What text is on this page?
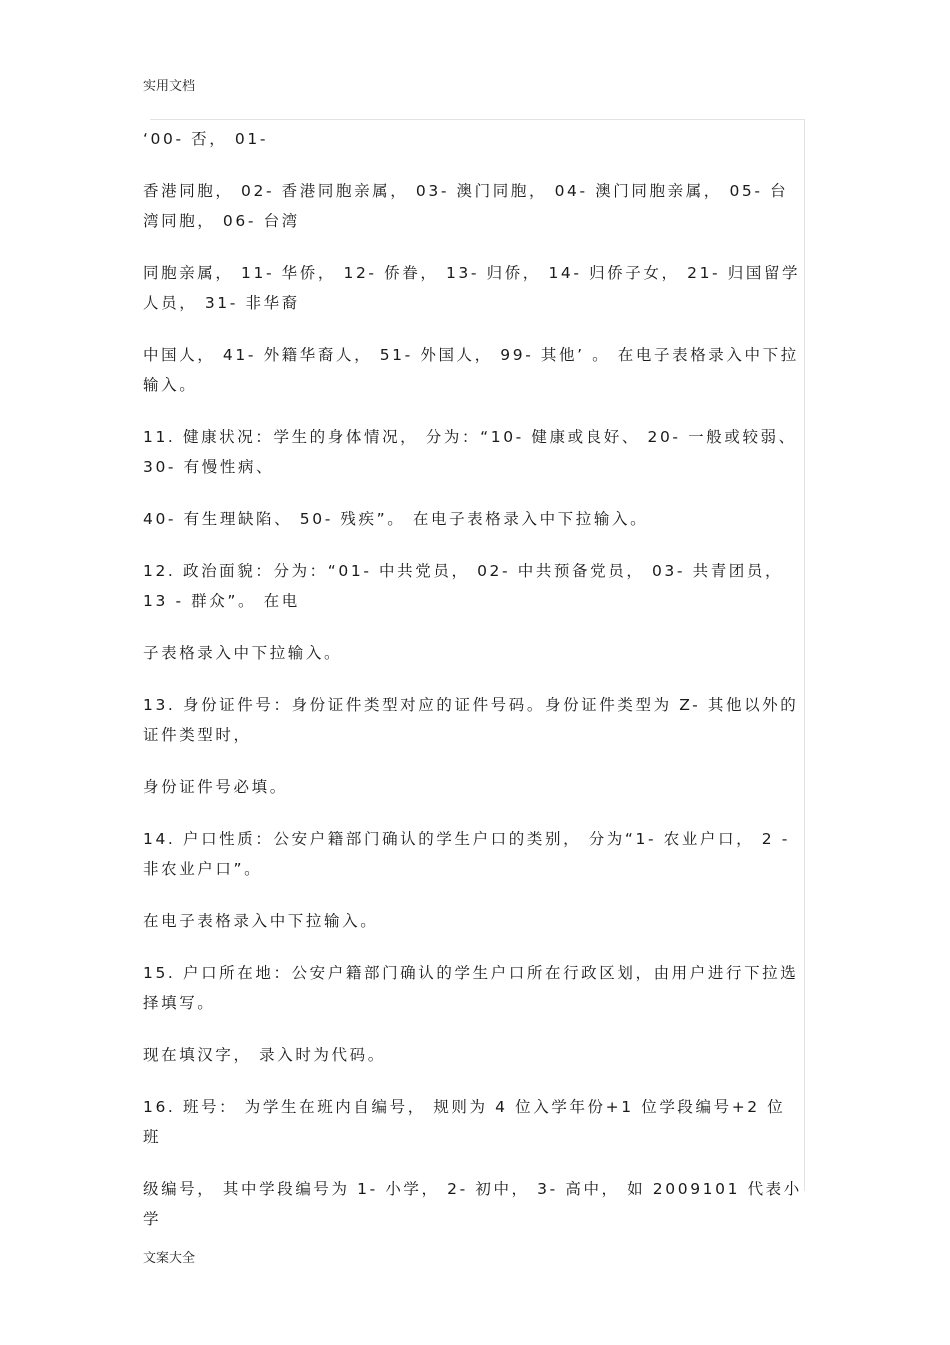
实用文档

‘00- 否， 01-

香港同胞， 02- 香港同胞亲属， 03- 澳门同胞， 04- 澳门同胞亲属， 05- 台湾同胞， 06- 台湾

同胞亲属， 11- 华侨， 12- 侨眷， 13- 归侨， 14- 归侨子女， 21- 归国留学人员， 31- 非华裔

中国人， 41- 外籍华裔人， 51- 外国人， 99- 其他’ 。 在电子表格录入中下拉输入。

11. 健康状况：学生的身体情况， 分为：“10- 健康或良好、 20- 一般或较弱、 30- 有慢性病、

40- 有生理缺陷、 50- 残疾”。 在电子表格录入中下拉输入。

12. 政治面貌：分为：“01- 中共党员， 02- 中共预备党员， 03- 共青团员， 13 - 群众”。 在电

子表格录入中下拉输入。

13. 身份证件号：身份证件类型对应的证件号码。身份证件类型为 Z- 其他以外的证件类型时，

身份证件号必填。

14. 户口性质：公安户籍部门确认的学生户口的类别， 分为“1- 农业户口， 2 - 非农业户口”。

在电子表格录入中下拉输入。

15. 户口所在地：公安户籍部门确认的学生户口所在行政区划，由用户进行下拉选择填写。

现在填汉字， 录入时为代码。

16. 班号： 为学生在班内自编号， 规则为 4 位入学年份+1 位学段编号+2 位班

级编号， 其中学段编号为 1- 小学， 2- 初中， 3- 高中， 如 2009101 代表小学

文案大全
